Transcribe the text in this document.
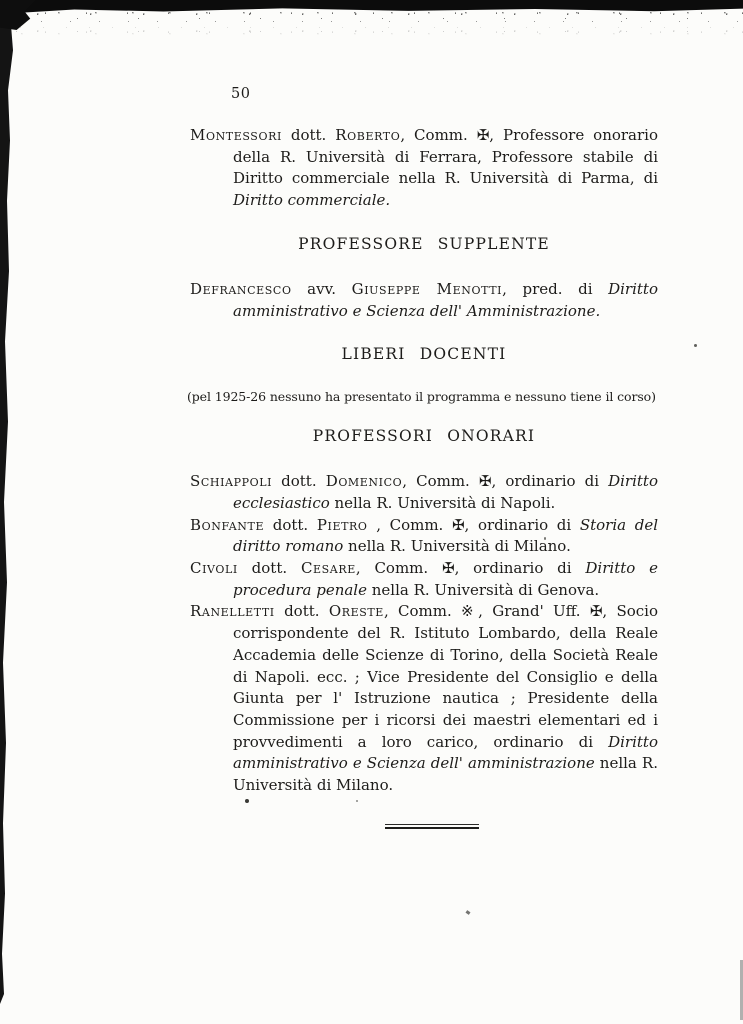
50
Montessori dott. Roberto, Comm. ✠, Professore onorario della R. Università di Ferrara, Professore stabile di Diritto commerciale nella R. Università di Parma, di Diritto commerciale.
PROFESSORE SUPPLENTE
Defrancesco avv. Giuseppe Menotti, pred. di Diritto amministrativo e Scienza dell' Amministrazione.
LIBERI DOCENTI
(pel 1925-26 nessuno ha presentato il programma e nessuno tiene il corso)
PROFESSORI ONORARI
Schiappoli dott. Domenico, Comm. ✠, ordinario di Diritto ecclesiastico nella R. Università di Napoli.
Bonfante dott. Pietro , Comm. ✠, ordinario di Storia del diritto romano nella R. Università di Milano.
Civoli dott. Cesare, Comm. ✠, ordinario di Diritto e procedura penale nella R. Università di Genova.
Ranelletti dott. Oreste, Comm. ※, Grand' Uff. ✠, Socio corrispondente del R. Istituto Lombardo, della Reale Accademia delle Scienze di Torino, della Società Reale di Napoli. ecc. ; Vice Presidente del Consiglio e della Giunta per l' Istruzione nautica ; Presidente della Commissione per i ricorsi dei maestri elementari ed i provvedimenti a loro carico, ordinario di Diritto amministrativo e Scienza dell' amministrazione nella R. Università di Milano.
